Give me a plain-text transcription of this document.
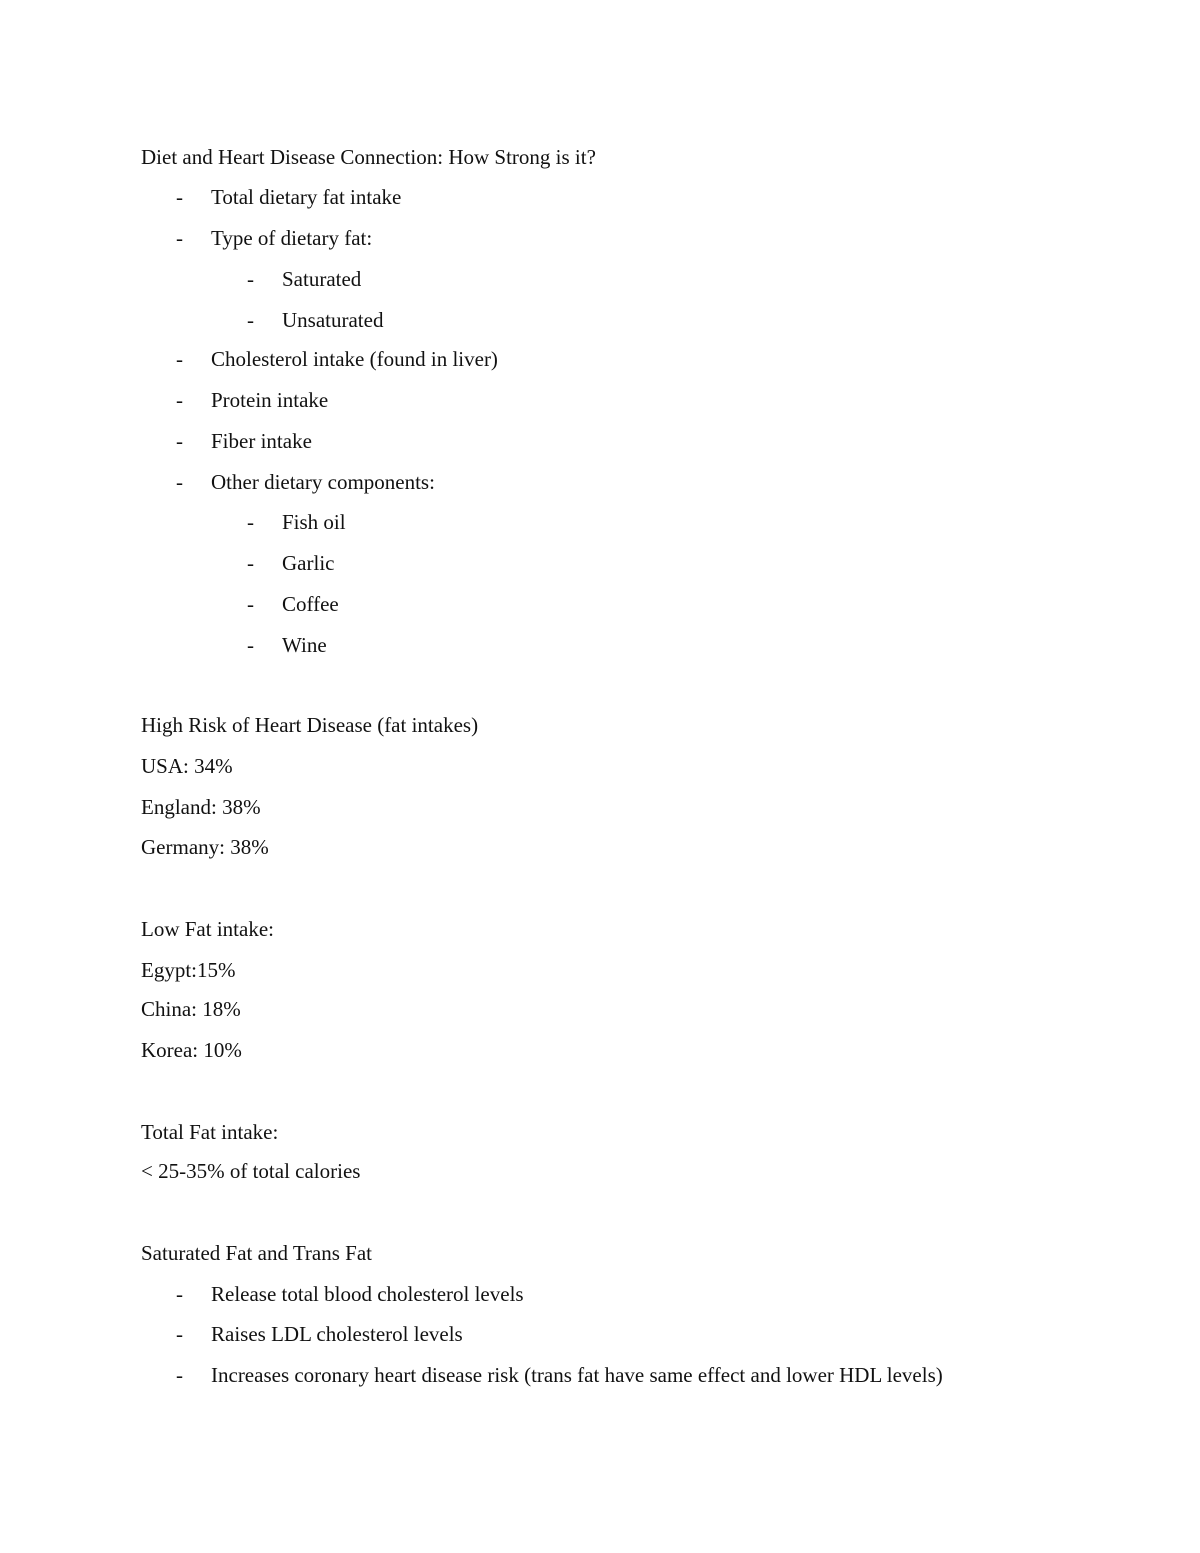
Diet and Heart Disease Connection: How Strong is it?
- Total dietary fat intake
- Type of dietary fat:
- Saturated
- Unsaturated
- Cholesterol intake (found in liver)
- Protein intake
- Fiber intake
- Other dietary components:
- Fish oil
- Garlic
- Coffee
- Wine
High Risk of Heart Disease (fat intakes)
USA: 34%
England: 38%
Germany: 38%
Low Fat intake:
Egypt:15%
China: 18%
Korea: 10%
Total Fat intake:
< 25-35% of total calories
Saturated Fat and Trans Fat
- Release total blood cholesterol levels
- Raises LDL cholesterol levels
- Increases coronary heart disease risk (trans fat have same effect and lower HDL levels)
